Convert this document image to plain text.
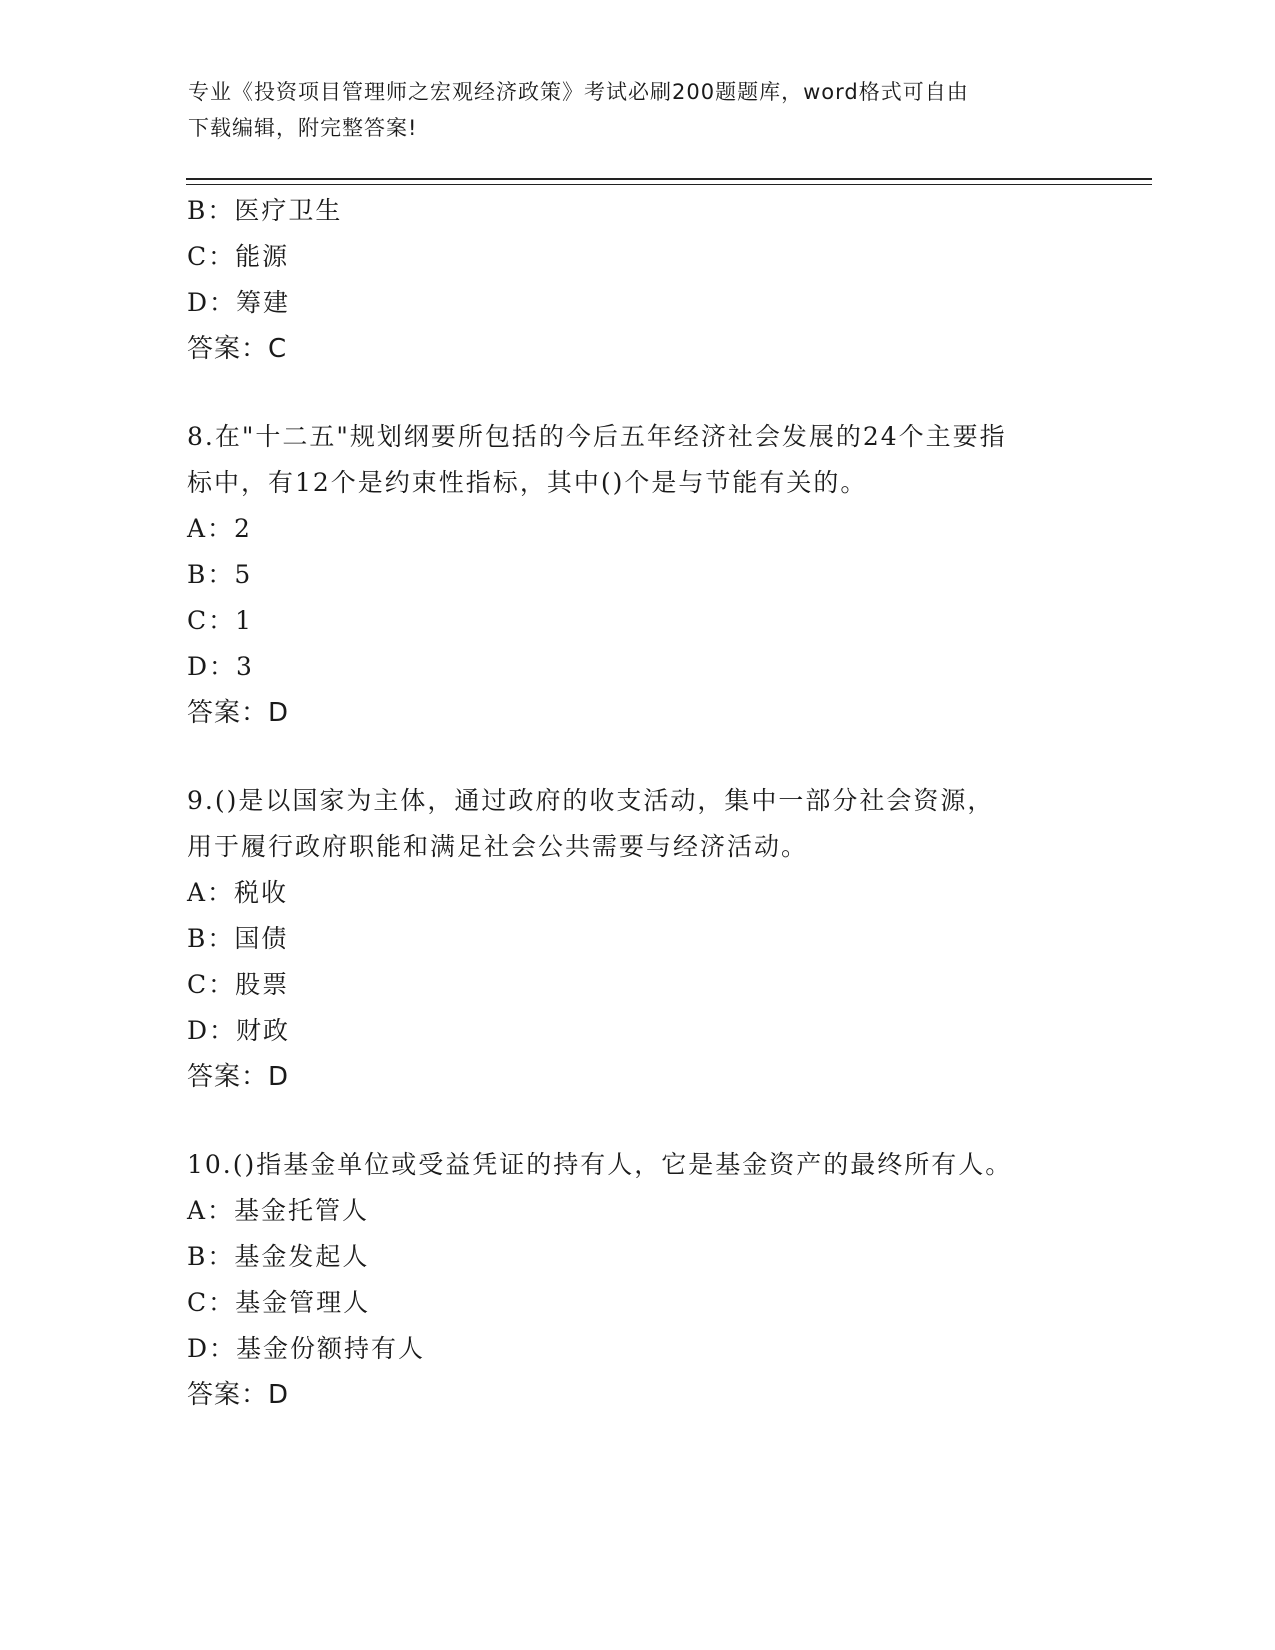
专业《投资项目管理师之宏观经济政策》考试必刷200题题库，word格式可自由
下载编辑，附完整答案!
B：医疗卫生
C：能源
D：筹建
答案：C
8.在"十二五"规划纲要所包括的今后五年经济社会发展的24个主要指
标中，有12个是约束性指标，其中()个是与节能有关的。
A：2
B：5
C：1
D：3
答案：D
9.()是以国家为主体，通过政府的收支活动，集中一部分社会资源，
用于履行政府职能和满足社会公共需要与经济活动。
A：税收
B：国债
C：股票
D：财政
答案：D
10.()指基金单位或受益凭证的持有人，它是基金资产的最终所有人。
A：基金托管人
B：基金发起人
C：基金管理人
D：基金份额持有人
答案：D
